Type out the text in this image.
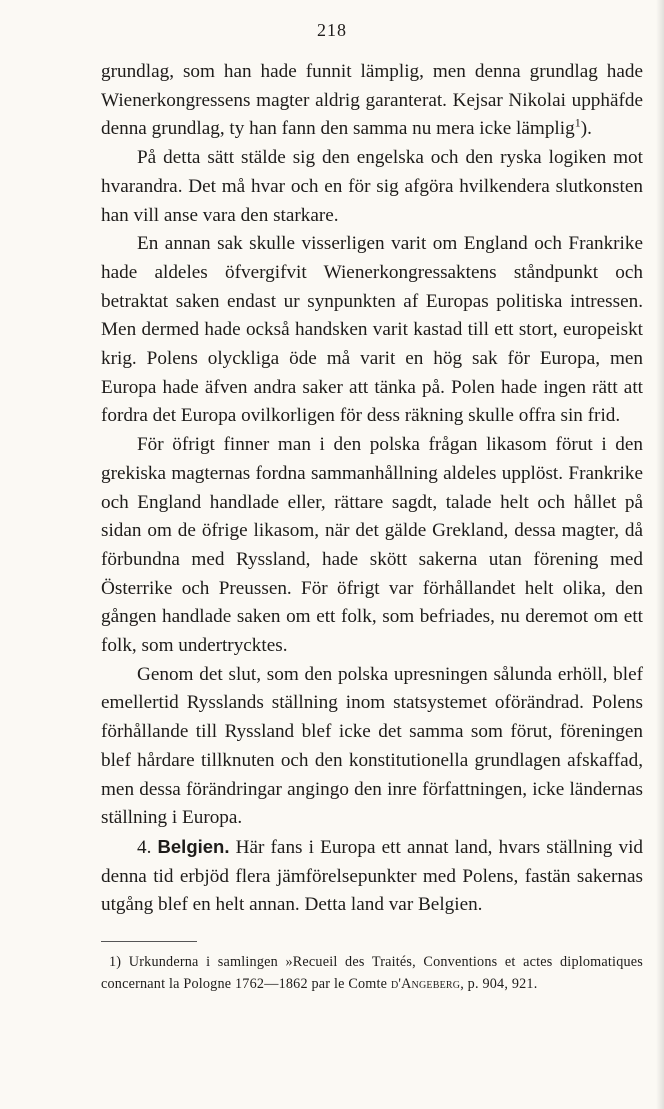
218

grundlag, som han hade funnit lämplig, men denna grundlag hade Wienerkongressens magter aldrig garanterat. Kejsar Nikolai upphäfde denna grundlag, ty han fann den samma nu mera icke lämplig$^1$).

På detta sätt stälde sig den engelska och den ryska logiken mot hvarandra. Det må hvar och en för sig afgöra hvilkendera slutkonsten han vill anse vara den starkare.

En annan sak skulle visserligen varit om England och Frankrike hade aldeles öfvergifvit Wienerkongressaktens ståndpunkt och betraktat saken endast ur synpunkten af Europas politiska intressen. Men dermed hade också handsken varit kastad till ett stort, europeiskt krig. Polens olyckliga öde må varit en hög sak för Europa, men Europa hade äfven andra saker att tänka på. Polen hade ingen rätt att fordra det Europa ovilkorligen för dess räkning skulle offra sin frid.

För öfrigt finner man i den polska frågan likasom förut i den grekiska magternas fordna sammanhållning aldeles upplöst. Frankrike och England handlade eller, rättare sagdt, talade helt och hållet på sidan om de öfrige likasom, när det gälde Grekland, dessa magter, då förbundna med Ryssland, hade skött sakerna utan förening med Österrike och Preussen. För öfrigt var förhållandet helt olika, den gången handlade saken om ett folk, som befriades, nu deremot om ett folk, som undertrycktes.

Genom det slut, som den polska upresningen sålunda erhöll, blef emellertid Rysslands ställning inom statsystemet oförändrad. Polens förhållande till Ryssland blef icke det samma som förut, föreningen blef hårdare tillknuten och den konstitutionella grundlagen afskaffad, men dessa förändringar angingo den inre författningen, icke ländernas ställning i Europa.

4. Belgien. Här fans i Europa ett annat land, hvars ställning vid denna tid erbjöd flera jämförelsepunkter med Polens, fastän sakernas utgång blef en helt annan. Detta land var Belgien.

1) Urkunderna i samlingen »Recueil des Traités, Conventions et actes diplomatiques concernant la Pologne 1762—1862 par le Comte d'Angeberg, p. 904, 921.
